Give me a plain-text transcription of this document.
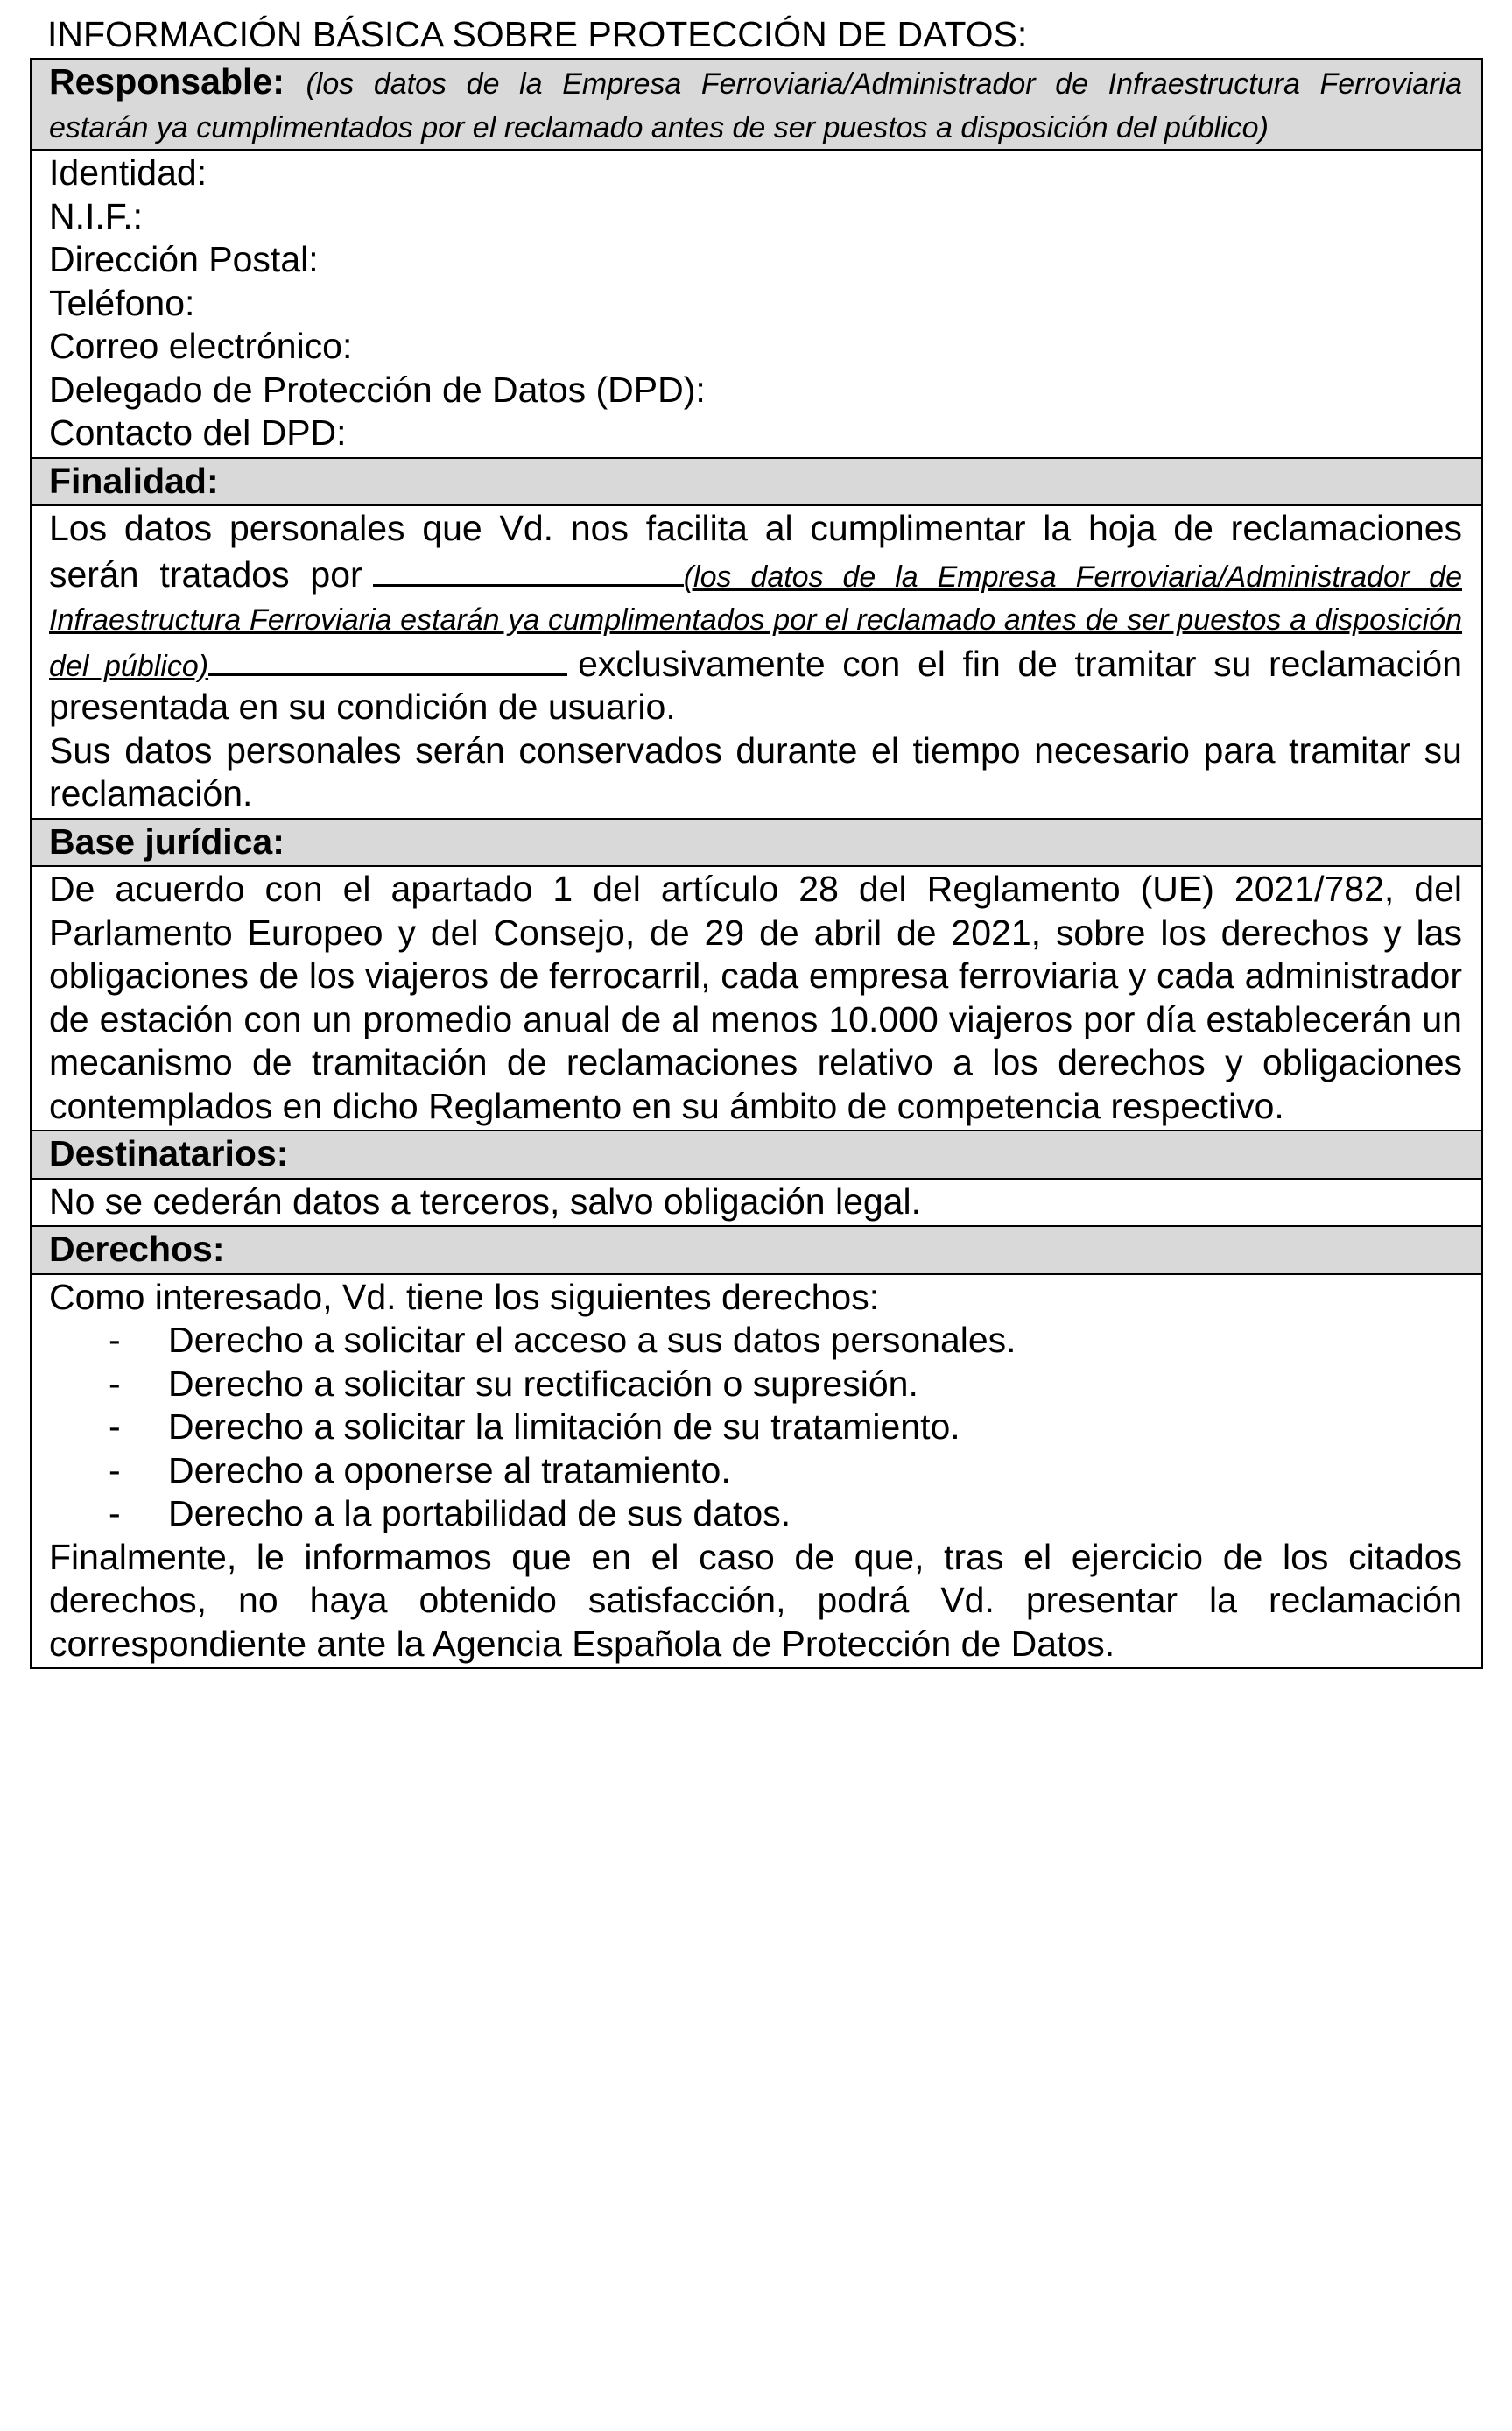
INFORMACIÓN BÁSICA SOBRE PROTECCIÓN DE DATOS:
Responsable: (los datos de la Empresa Ferroviaria/Administrador de Infraestructura Ferroviaria estarán ya cumplimentados por el reclamado antes de ser puestos a disposición del público)

Identidad:
N.I.F.:
Dirección Postal:
Teléfono:
Correo electrónico:
Delegado de Protección de Datos (DPD):
Contacto del DPD:

Finalidad:

Los datos personales que Vd. nos facilita al cumplimentar la hoja de reclamaciones serán tratados por	(los datos de la Empresa Ferroviaria/Administrador de Infraestructura Ferroviaria estarán ya cumplimentados por el reclamado antes de ser puestos a disposición del público)	exclusivamente con el fin de tramitar su reclamación presentada en su condición de usuario.

Sus datos personales serán conservados durante el tiempo necesario para tramitar su reclamación.

Base jurídica:
De acuerdo con el apartado 1 del artículo 28 del Reglamento (UE) 2021/782, del Parlamento Europeo y del Consejo, de 29 de abril de 2021, sobre los derechos y las obligaciones de los viajeros de ferrocarril, cada empresa ferroviaria y cada administrador de estación con un promedio anual de al menos 10.000 viajeros por día establecerán un mecanismo de tramitación de reclamaciones relativo a los derechos y obligaciones contemplados en dicho Reglamento en su ámbito de competencia respectivo.
Destinatarios:
No se cederán datos a terceros, salvo obligación legal.
Derechos:

Como interesado, Vd. tiene los siguientes derechos:

- Derecho a solicitar el acceso a sus datos personales.
- Derecho a solicitar su rectificación o supresión.
- Derecho a solicitar la limitación de su tratamiento.
- Derecho a oponerse al tratamiento.
- Derecho a la portabilidad de sus datos.

Finalmente, le informamos que en el caso de que, tras el ejercicio de los citados derechos, no haya obtenido satisfacción, podrá Vd. presentar la reclamación correspondiente ante la Agencia Española de Protección de Datos.
